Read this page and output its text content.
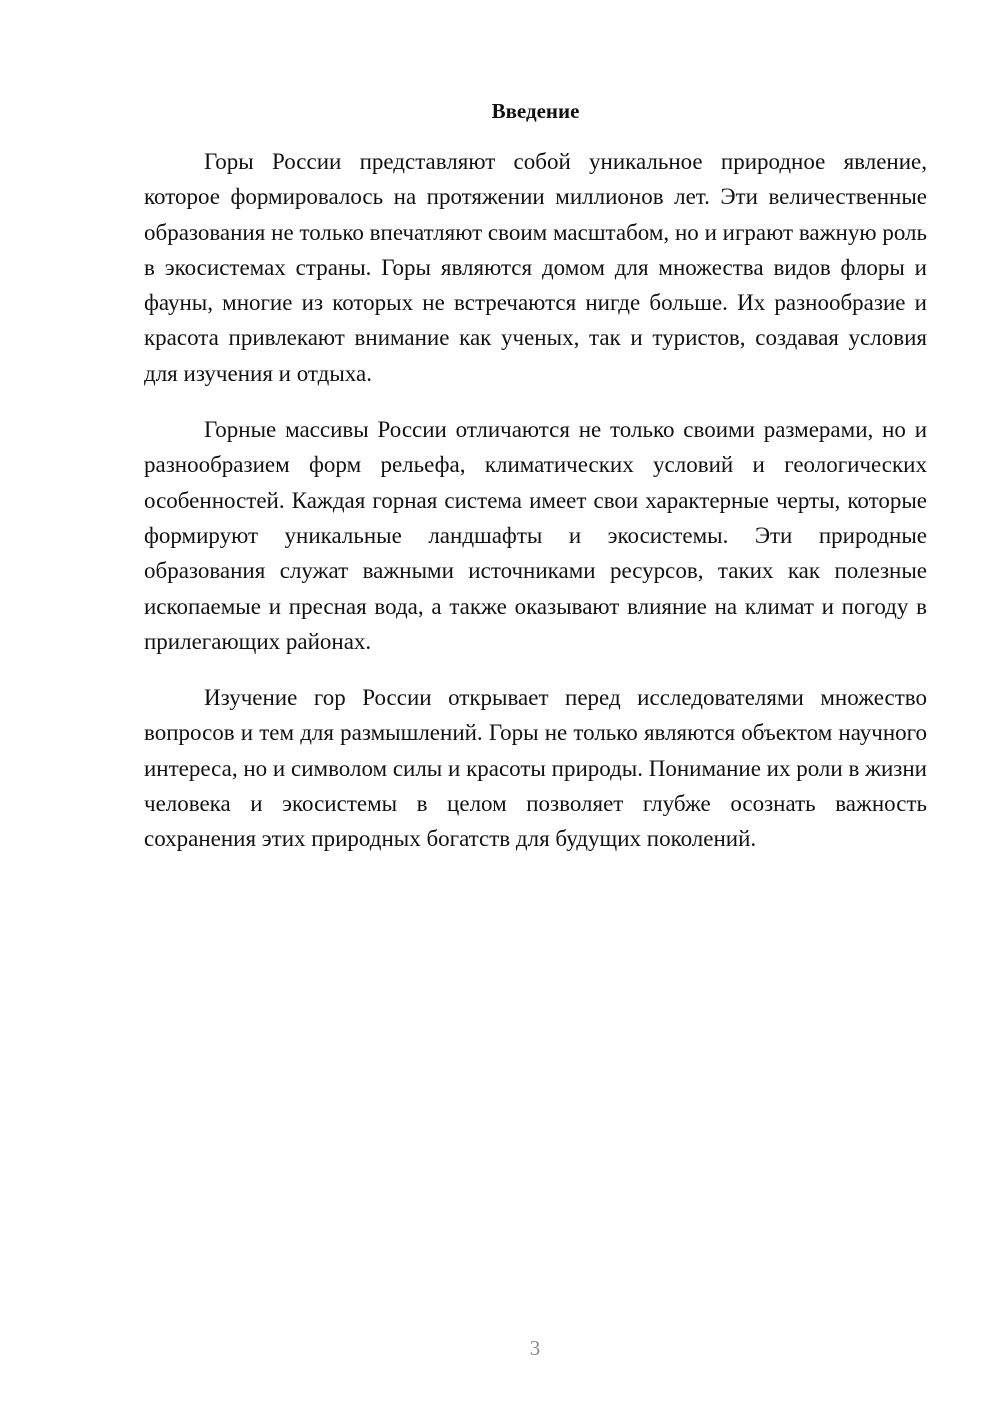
Введение

Горы России представляют собой уникальное природное явление, которое формировалось на протяжении миллионов лет. Эти величественные образования не только впечатляют своим масштабом, но и играют важную роль в экосистемах страны. Горы являются домом для множества видов флоры и фауны, многие из которых не встречаются нигде больше. Их разнообразие и красота привлекают внимание как ученых, так и туристов, создавая условия для изучения и отдыха.

Горные массивы России отличаются не только своими размерами, но и разнообразием форм рельефа, климатических условий и геологических особенностей. Каждая горная система имеет свои характерные черты, которые формируют уникальные ландшафты и экосистемы. Эти природные образования служат важными источниками ресурсов, таких как полезные ископаемые и пресная вода, а также оказывают влияние на климат и погоду в прилегающих районах.

Изучение гор России открывает перед исследователями множество вопросов и тем для размышлений. Горы не только являются объектом научного интереса, но и символом силы и красоты природы. Понимание их роли в жизни человека и экосистемы в целом позволяет глубже осознать важность сохранения этих природных богатств для будущих поколений.

3
